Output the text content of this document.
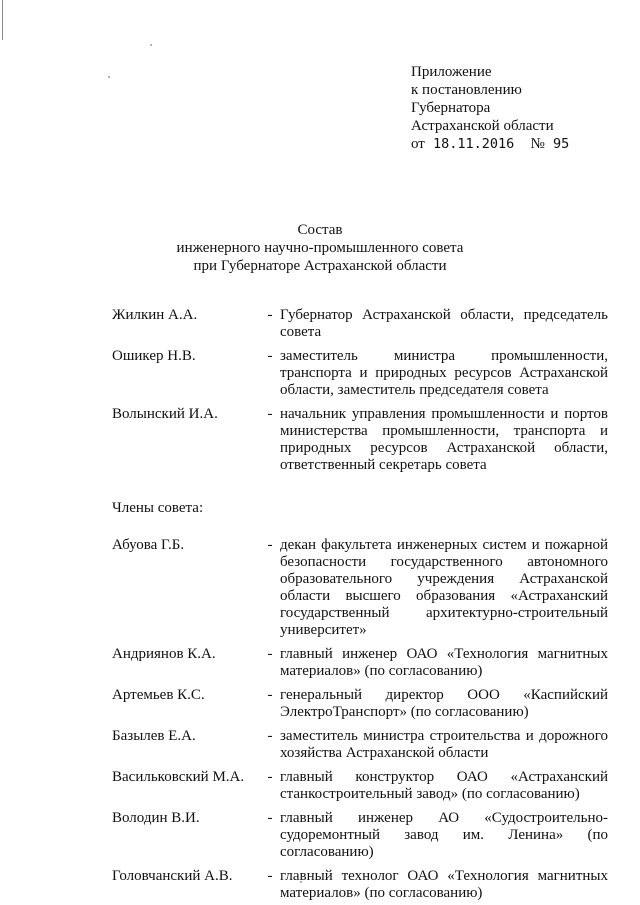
Приложение
к постановлению
Губернатора
Астраханской области
от 18.11.2016 № 95
Состав
инженерного научно-промышленного совета
при Губернаторе Астраханской области
Жилкин А.А.	- Губернатор Астраханской области, председатель совета
Ошикер Н.В.	- заместитель министра промышленности, транспорта и природных ресурсов Астраханской области, заместитель председателя совета
Волынский И.А.	- начальник управления промышленности и портов министерства промышленности, транспорта и природных ресурсов Астраханской области, ответственный секретарь совета
Члены совета:
Абуова Г.Б.	- декан факультета инженерных систем и пожарной безопасности государственного автономного образовательного учреждения Астраханской области высшего образования «Астраханский государственный архитектурно-строительный университет»
Андриянов К.А.	- главный инженер ОАО «Технология магнитных материалов» (по согласованию)
Артемьев К.С.	- генеральный директор ООО «Каспийский ЭлектроТранспорт» (по согласованию)
Базылев Е.А.	- заместитель министра строительства и дорожного хозяйства Астраханской области
Васильковский М.А.	- главный конструктор ОАО «Астраханский станкостроительный завод» (по согласованию)
Володин В.И.	- главный инженер АО «Судостроительно-судоремонтный завод им. Ленина» (по согласованию)
Головчанский А.В.	- главный технолог ОАО «Технология магнитных материалов» (по согласованию)
